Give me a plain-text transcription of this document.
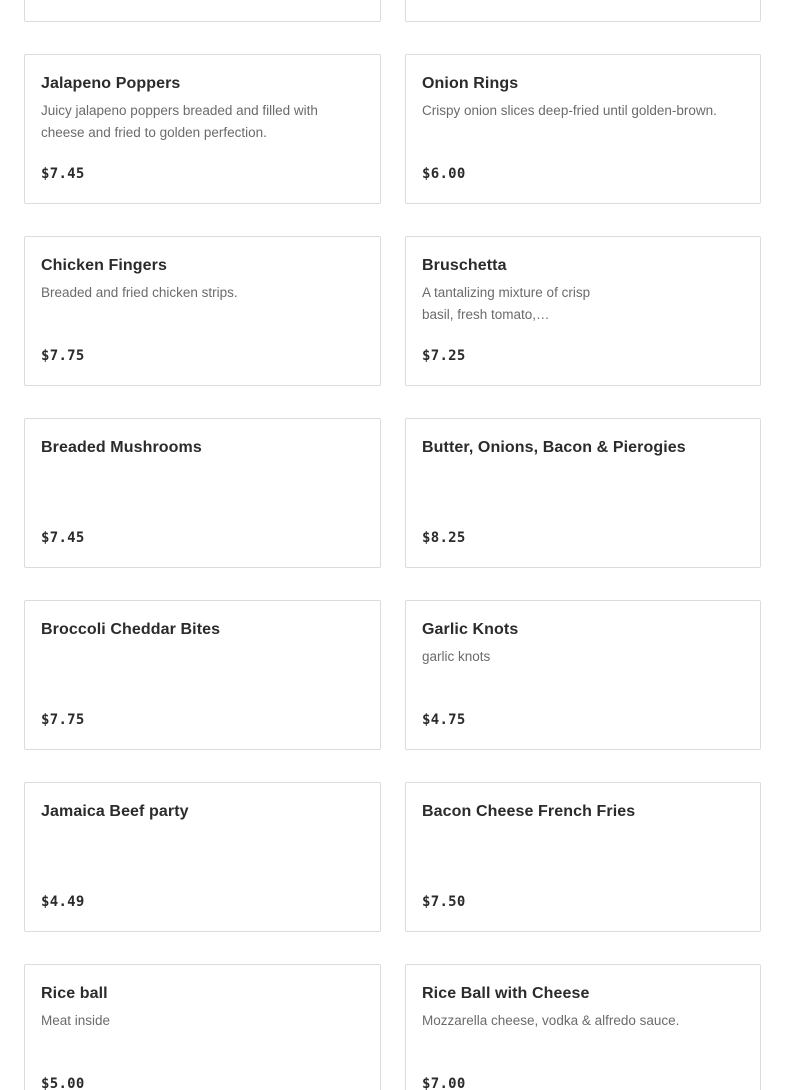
Jalapeno Poppers
Juicy jalapeno poppers breaded and filled with cheese and fried to golden perfection.
$7.45
Onion Rings
Crispy onion slices deep-fried until golden-brown.
$6.00
Chicken Fingers
Breaded and fried chicken strips.
$7.75
Bruschetta
A tantalizing mixture of crisp basil, fresh tomato,…
$7.25
Breaded Mushrooms
$7.45
Butter, Onions, Bacon & Pierogies
$8.25
Broccoli Cheddar Bites
$7.75
Garlic Knots
garlic knots
$4.75
Jamaica Beef party
$4.49
Bacon Cheese French Fries
$7.50
Rice ball
Meat inside
$5.00
Rice Ball with Cheese
Mozzarella cheese, vodka & alfredo sauce.
$7.00
